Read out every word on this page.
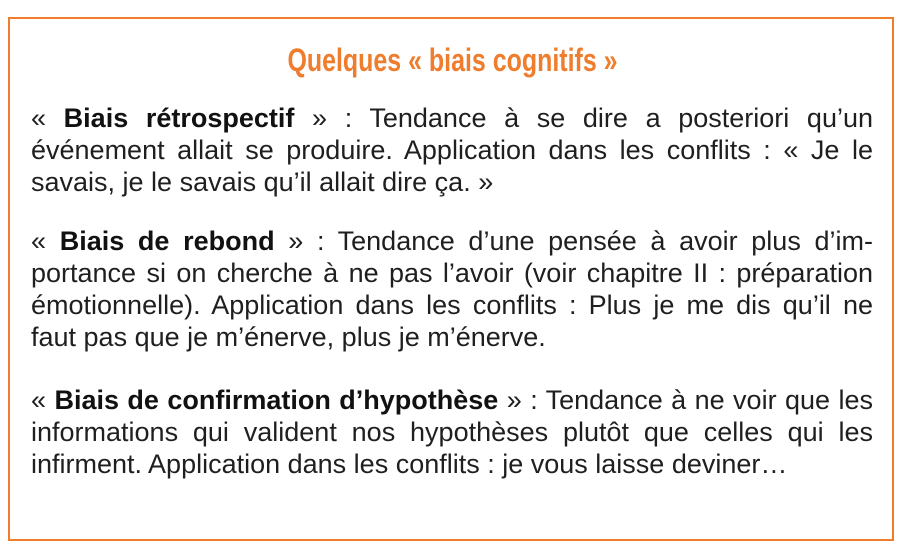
Quelques « biais cognitifs »

« Biais rétrospectif » : Tendance à se dire a posteriori qu’un événement allait se produire. Application dans les conflits : « Je le savais, je le savais qu’il allait dire ça. »

« Biais de rebond » : Tendance d’une pensée à avoir plus d’importance si on cherche à ne pas l’avoir (voir chapitre II : préparation émotionnelle). Application dans les conflits : Plus je me dis qu’il ne faut pas que je m’énerve, plus je m’énerve.

« Biais de confirmation d’hypothèse » : Tendance à ne voir que les informations qui valident nos hypothèses plutôt que celles qui les infirment. Application dans les conflits : je vous laisse deviner…
